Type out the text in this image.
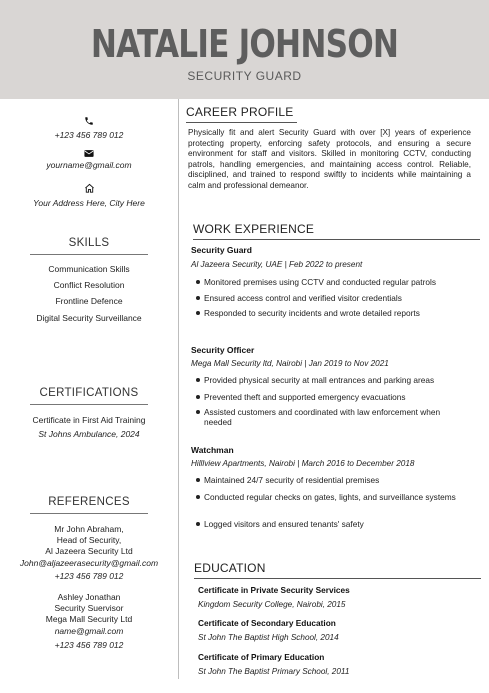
NATALIE JOHNSON
SECURITY GUARD
+123 456 789 012
yourname@gmail.com
Your Address Here, City Here
SKILLS
Communication Skills
Conflict Resolution
Frontline Defence
Digital Security Surveillance
CERTIFICATIONS
Certificate in First Aid Training
St Johns Ambulance, 2024
REFERENCES
Mr John Abraham,
Head of Security,
Al Jazeera Security Ltd
John@aljazeerasecurity@gmail.com
+123 456 789 012
Ashley Jonathan
Security Suervisor
Mega Mall Security Ltd
name@gmail.com
+123 456 789 012
CAREER PROFILE
Physically fit and alert Security Guard with over [X] years of experience protecting property, enforcing safety protocols, and ensuring a secure environment for staff and visitors. Skilled in monitoring CCTV, conducting patrols, handling emergencies, and maintaining access control. Reliable, disciplined, and trained to respond swiftly to incidents while maintaining a calm and professional demeanor.
WORK EXPERIENCE
Security Guard
Al Jazeera Security, UAE | Feb 2022 to present
Monitored premises using CCTV and conducted regular patrols
Ensured access control and verified visitor credentials
Responded to security incidents and wrote detailed reports
Security Officer
Mega Mall Security ltd, Nairobi | Jan 2019 to Nov 2021
Provided physical security at mall entrances and parking areas
Prevented theft and supported emergency evacuations
Assisted customers and coordinated with law enforcement when needed
Watchman
Hilllview Apartments, Nairobi | March 2016 to December 2018
Maintained 24/7 security of residential premises
Conducted regular checks on gates, lights, and surveillance systems
Logged visitors and ensured tenants' safety
EDUCATION
Certificate in Private Security Services
Kingdom Security College, Nairobi, 2015
Certificate of Secondary Education
St John The Baptist High School, 2014
Certificate of Primary Education
St John The Baptist Primary School, 2011
